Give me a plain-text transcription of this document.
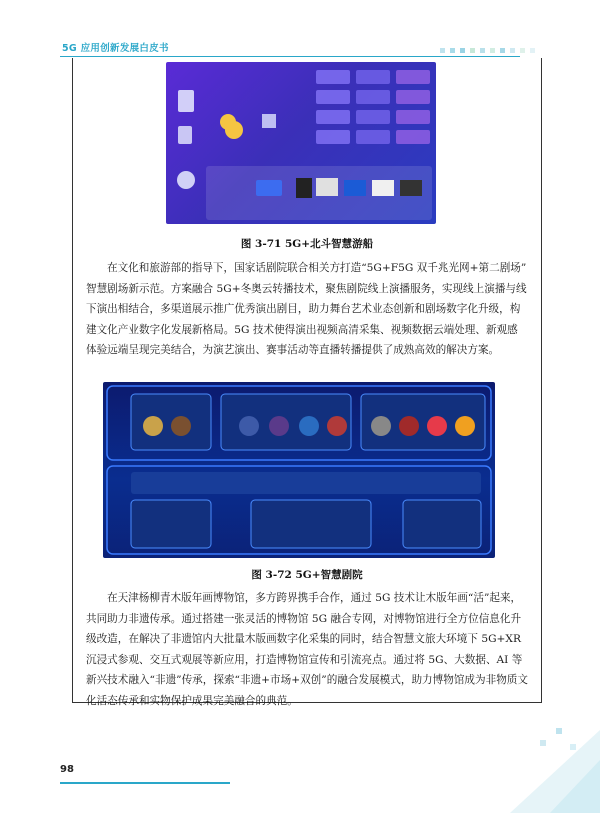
5G 应用创新发展白皮书
图 3-71 5G+北斗智慧游船
在文化和旅游部的指导下，国家话剧院联合相关方打造“5G+F5G 双千兆光网+第二剧场”
智慧剧场新示范。方案融合 5G+冬奥云转播技术，聚焦剧院线上演播服务，实现线上演播与线
下演出相结合，多渠道展示推广优秀演出剧目，助力舞台艺术业态创新和剧场数字化升级，构
建文化产业数字化发展新格局。5G 技术使得演出视频高清采集、视频数据云端处理、新观感
体验远端呈现完美结合，为演艺演出、赛事活动等直播转播提供了成熟高效的解决方案。
图 3-72 5G+智慧剧院
在天津杨柳青木版年画博物馆，多方跨界携手合作，通过 5G 技术让木版年画“活”起来，
共同助力非遗传承。通过搭建一张灵活的博物馆 5G 融合专网，对博物馆进行全方位信息化升
级改造，在解决了非遗馆内大批量木版画数字化采集的同时，结合智慧文旅大环境下 5G+XR
沉浸式参观、交互式观展等新应用，打造博物馆宣传和引流亮点。通过将 5G、大数据、AI 等
新兴技术融入“非遗”传承，探索“非遗+市场+双创”的融合发展模式，助力博物馆成为非物质文
化活态传承和实物保护成果完美融合的典范。
98
